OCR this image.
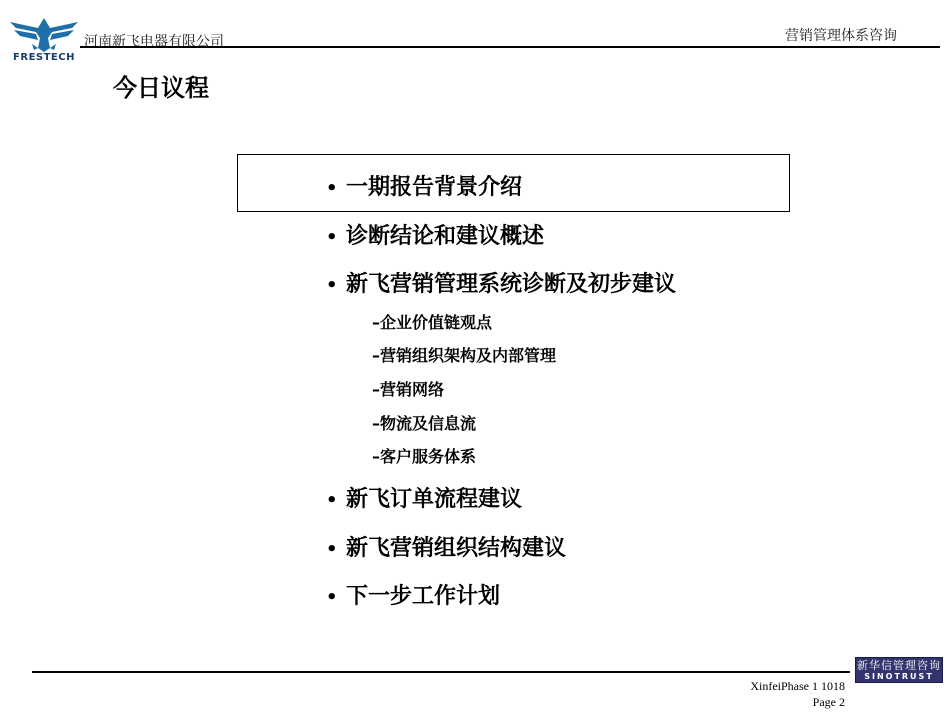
FRESTECH
河南新飞电器有限公司	营销管理体系咨询
今日议程
• 一期报告背景介绍
• 诊断结论和建议概述
• 新飞营销管理系统诊断及初步建议
–企业价值链观点
–营销组织架构及内部管理
–营销网络
–物流及信息流
–客户服务体系
• 新飞订单流程建议
• 新飞营销组织结构建议
• 下一步工作计划
XinfeiPhase 1 1018
Page 2
新华信管理咨询
SINOTRUST
